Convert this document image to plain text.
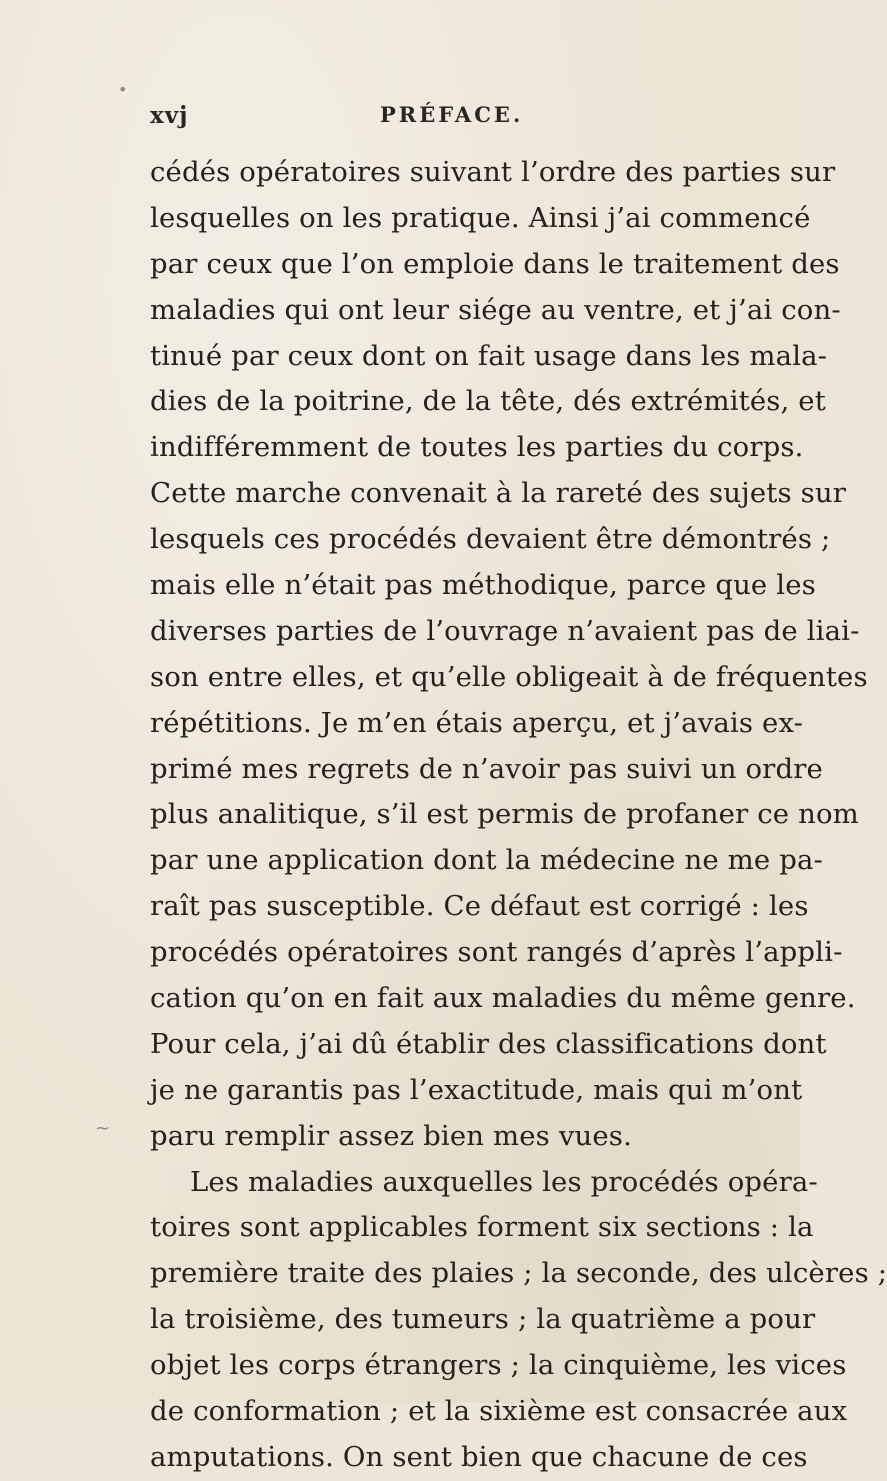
xvj	PRÉFACE.
cédés opératoires suivant l’ordre des parties sur
lesquelles on les pratique. Ainsi j’ai commencé
par ceux que l’on emploie dans le traitement des
maladies qui ont leur siége au ventre, et j’ai con-
tinué par ceux dont on fait usage dans les mala-
dies de la poitrine, de la tête, dés extrémités, et
indifféremment de toutes les parties du corps.
Cette marche convenait à la rareté des sujets sur
lesquels ces procédés devaient être démontrés ;
mais elle n’était pas méthodique, parce que les
diverses parties de l’ouvrage n’avaient pas de liai-
son entre elles, et qu’elle obligeait à de fréquentes
répétitions. Je m’en étais aperçu, et j’avais ex-
primé mes regrets de n’avoir pas suivi un ordre
plus analitique, s’il est permis de profaner ce nom
par une application dont la médecine ne me pa-
raît pas susceptible. Ce défaut est corrigé : les
procédés opératoires sont rangés d’après l’appli-
cation qu’on en fait aux maladies du même genre.
Pour cela, j’ai dû établir des classifications dont
je ne garantis pas l’exactitude, mais qui m’ont
paru remplir assez bien mes vues.
Les maladies auxquelles les procédés opéra-
toires sont applicables forment six sections : la
première traite des plaies ; la seconde, des ulcères ;
la troisième, des tumeurs ; la quatrième a pour
objet les corps étrangers ; la cinquième, les vices
de conformation ; et la sixième est consacrée aux
amputations. On sent bien que chacune de ces
•
~
